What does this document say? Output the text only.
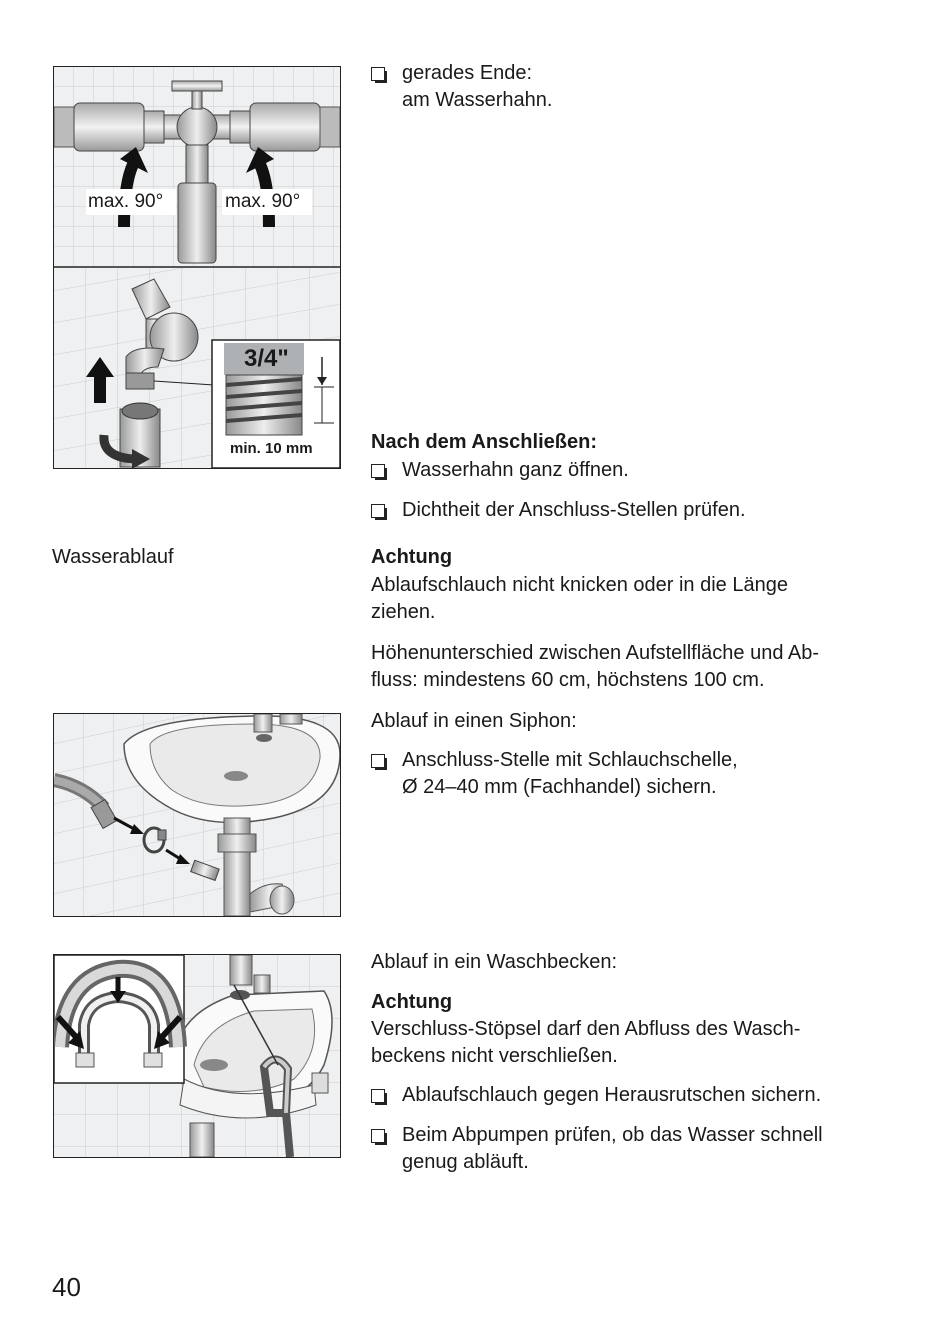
max. 90°	max. 90°
3/4"
min. 10 mm

gerades Ende:

am Wasserhahn.

Nach dem Anschließen:

Wasserhahn ganz öffnen.

Dichtheit der Anschluss-Stellen prüfen.

Wasserablauf	Achtung

Ablaufschlauch nicht knicken oder in die Länge

ziehen.

Höhenunterschied zwischen Aufstellfläche und Ab-

fluss: mindestens 60 cm, höchstens 100 cm.

Ablauf in einen Siphon:

Anschluss-Stelle mit Schlauchschelle,

Ø 24–40 mm (Fachhandel) sichern.

Ablauf in ein Waschbecken:

Achtung

Verschluss-Stöpsel darf den Abfluss des Wasch-

beckens nicht verschließen.

Ablaufschlauch gegen Herausrutschen sichern.

Beim Abpumpen prüfen, ob das Wasser schnell

genug abläuft.

40
